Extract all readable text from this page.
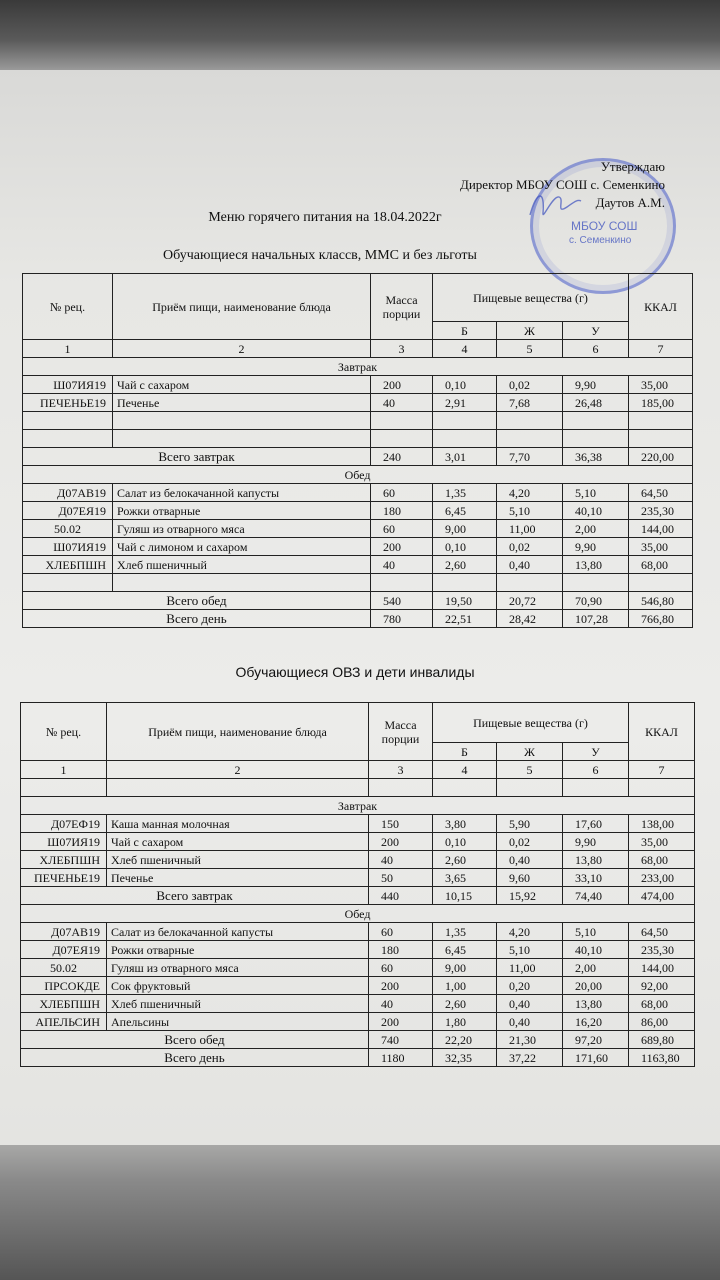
МБОУ СОШ
с. Семенкино
Утверждаю
Директор МБОУ СОШ с. Семенкино
Даутов А.М.
Меню горячего питания на 18.04.2022г
Обучающиеся начальных классв, ММС и без льготы
Обучающиеся ОВЗ и дети инвалиды
№ рец.	Приём пищи, наименование блюда	Масса порции	Пищевые вещества (г)			ККАЛ
			Б	Ж	У	
1	2	3	4	5	6	7
Завтрак						
Ш07ИЯ19	Чай с сахаром	200	0,10	0,02	9,90	35,00
ПЕЧЕНЬЕ19	Печенье	40	2,91	7,68	26,48	185,00

Всего завтрак		240	3,01	7,70	36,38	220,00
Обед						
Д07АВ19	Салат из белокачанной капусты	60	1,35	4,20	5,10	64,50
Д07ЕЯ19	Рожки отварные	180	6,45	5,10	40,10	235,30
50.02	Гуляш из отварного мяса	60	9,00	11,00	2,00	144,00
Ш07ИЯ19	Чай с лимоном и сахаром	200	0,10	0,02	9,90	35,00
ХЛЕБПШН	Хлеб пшеничный	40	2,60	0,40	13,80	68,00

Всего обед		540	19,50	20,72	70,90	546,80
Всего день		780	22,51	28,42	107,28	766,80
№ рец.	Приём пищи, наименование блюда	Масса порции	Пищевые вещества (г)			ККАЛ
			Б	Ж	У	
1	2	3	4	5	6	7

Завтрак						
Д07ЕФ19	Каша манная молочная	150	3,80	5,90	17,60	138,00
Ш07ИЯ19	Чай с сахаром	200	0,10	0,02	9,90	35,00
ХЛЕБПШН	Хлеб пшеничный	40	2,60	0,40	13,80	68,00
ПЕЧЕНЬЕ19	Печенье	50	3,65	9,60	33,10	233,00
Всего завтрак		440	10,15	15,92	74,40	474,00
Обед						
Д07АВ19	Салат из белокачанной капусты	60	1,35	4,20	5,10	64,50
Д07ЕЯ19	Рожки отварные	180	6,45	5,10	40,10	235,30
50.02	Гуляш из отварного мяса	60	9,00	11,00	2,00	144,00
ПРСОКДЕ	Сок фруктовый	200	1,00	0,20	20,00	92,00
ХЛЕБПШН	Хлеб пшеничный	40	2,60	0,40	13,80	68,00
АПЕЛЬСИН	Апельсины	200	1,80	0,40	16,20	86,00
Всего обед		740	22,20	21,30	97,20	689,80
Всего день		1180	32,35	37,22	171,60	1163,80
